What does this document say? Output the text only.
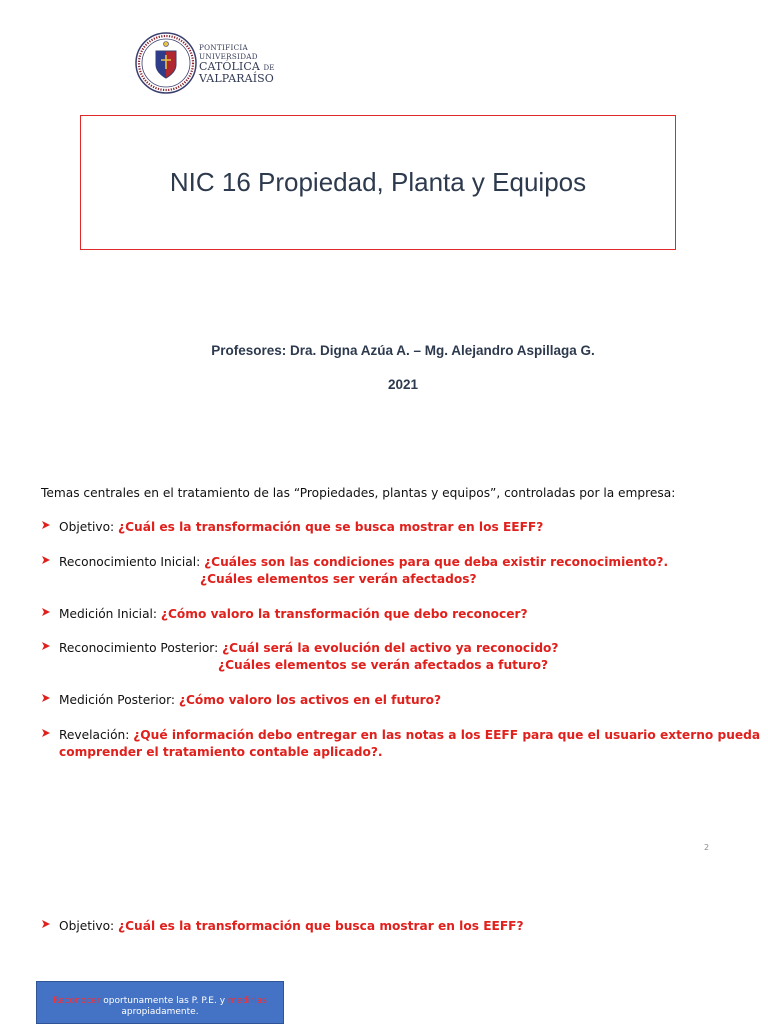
PONTIFICIA
UNIVERSIDAD
CATÓLICA DE
VALPARAÍSO
NIC 16 Propiedad, Planta y Equipos
Profesores: Dra. Digna Azúa A. – Mg. Alejandro Aspillaga G.
2021
Temas centrales en el tratamiento de las “Propiedades, plantas y equipos”, controladas por la empresa:
Objetivo: ¿Cuál es la transformación que se busca mostrar en los EEFF?
Reconocimiento Inicial: ¿Cuáles son las condiciones para que deba existir reconocimiento?.
¿Cuáles elementos ser verán afectados?
Medición Inicial: ¿Cómo valoro la transformación que debo reconocer?
Reconocimiento Posterior: ¿Cuál será la evolución del activo ya reconocido?
¿Cuáles elementos se verán afectados a futuro?
Medición Posterior: ¿Cómo valoro los activos en el futuro?
Revelación: ¿Qué información debo entregar en las notas a los EEFF para que el usuario externo pueda
comprender el tratamiento contable aplicado?.
2
Objetivo: ¿Cuál es la transformación que busca mostrar en los EEFF?
Reconocer oportunamente las P. P.E. y medirlas
apropiadamente.
